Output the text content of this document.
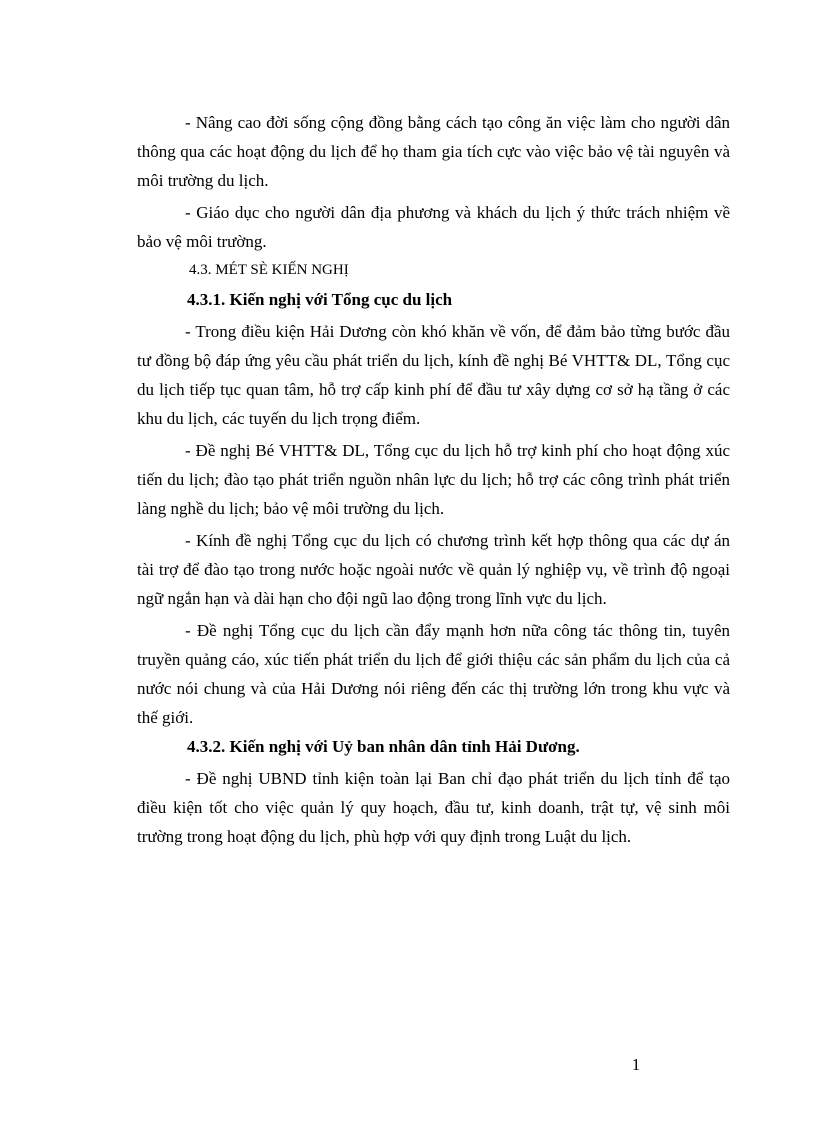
- Nâng cao đời sống cộng đồng bằng cách tạo công ăn việc làm cho người dân thông qua các hoạt động du lịch để họ tham gia tích cực vào việc bảo vệ tài nguyên và môi trường du lịch.

- Giáo dục cho người dân địa phương và khách du lịch ý thức trách nhiệm về bảo vệ môi trường.

4.3. MÉT SÈ KIẾN NGHỊ

4.3.1. Kiến nghị với Tổng cục du lịch

- Trong điều kiện Hải Dương còn khó khăn về vốn, để đảm bảo từng bước đầu tư đồng bộ đáp ứng yêu cầu phát triển du lịch, kính đề nghị Bé VHTT& DL, Tổng cục du lịch tiếp tục quan tâm, hỗ trợ cấp kinh phí để đầu tư xây dựng cơ sở hạ tầng ở các khu du lịch, các tuyến du lịch trọng điểm.

- Đề nghị Bé VHTT& DL, Tổng cục du lịch hỗ trợ kinh phí cho hoạt động xúc tiến du lịch; đào tạo phát triển nguồn nhân lực du lịch; hỗ trợ các công trình phát triển làng nghề du lịch; bảo vệ môi trường du lịch.

- Kính đề nghị Tổng cục du lịch có chương trình kết hợp thông qua các dự án tài trợ để đào tạo trong nước hoặc ngoài nước về quản lý nghiệp vụ, về trình độ ngoại ngữ ngắn hạn và dài hạn cho đội ngũ lao động trong lĩnh vực du lịch.

- Đề nghị Tổng cục du lịch cần đẩy mạnh hơn nữa công tác thông tin, tuyên truyền quảng cáo, xúc tiến phát triển du lịch để giới thiệu các sản phẩm du lịch của cả nước nói chung và của Hải Dương nói riêng đến các thị trường lớn trong khu vực và thế giới.

4.3.2. Kiến nghị với Uỷ ban nhân dân tỉnh Hải Dương.

- Đề nghị UBND tỉnh kiện toàn lại Ban chỉ đạo phát triển du lịch tỉnh để tạo điều kiện tốt cho việc quản lý quy hoạch, đầu tư, kinh doanh, trật tự, vệ sinh môi trường trong hoạt động du lịch, phù hợp với quy định trong Luật du lịch.

1
